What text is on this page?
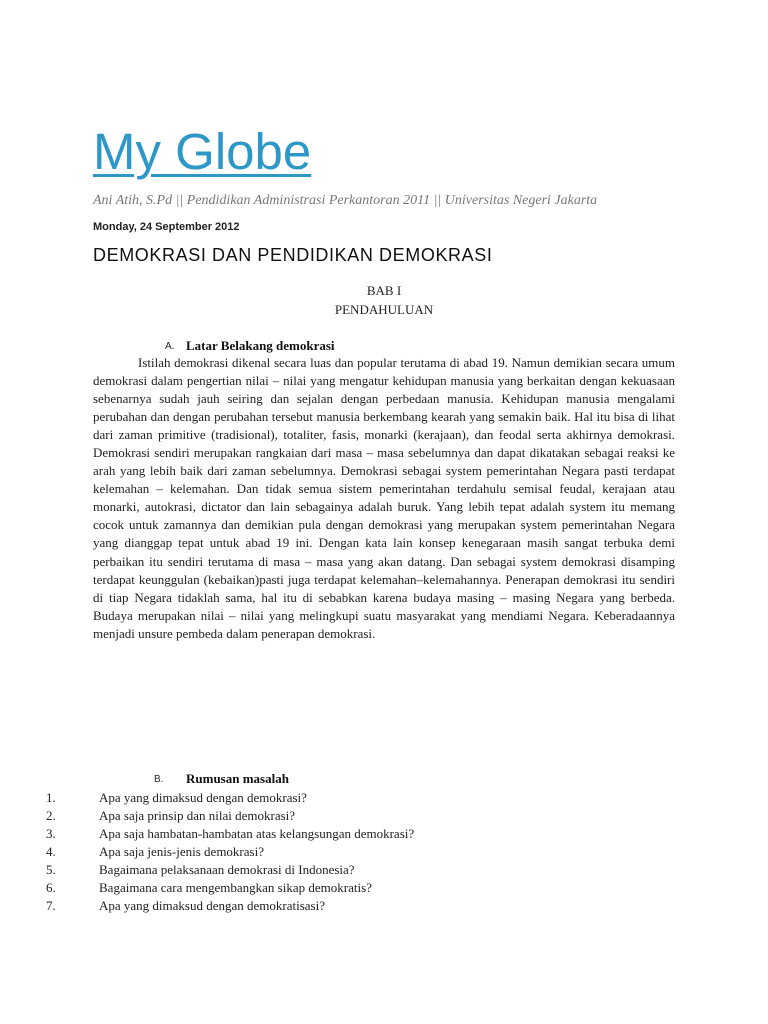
My Globe
Ani Atih, S.Pd || Pendidikan Administrasi Perkantoran 2011 || Universitas Negeri Jakarta
Monday, 24 September 2012
DEMOKRASI DAN PENDIDIKAN DEMOKRASI
BAB I
PENDAHULUAN
A. Latar Belakang demokrasi

Istilah demokrasi dikenal secara luas dan popular terutama di abad 19. Namun demikian secara umum demokrasi dalam pengertian nilai – nilai yang mengatur kehidupan manusia yang berkaitan dengan kekuasaan sebenarnya sudah jauh seiring dan sejalan dengan perbedaan manusia. Kehidupan manusia mengalami perubahan dan dengan perubahan tersebut manusia berkembang kearah yang semakin baik. Hal itu bisa di lihat dari zaman primitive (tradisional), totaliter, fasis, monarki (kerajaan), dan feodal serta akhirnya demokrasi. Demokrasi sendiri merupakan rangkaian dari masa – masa sebelumnya dan dapat dikatakan sebagai reaksi ke arah yang lebih baik dari zaman sebelumnya. Demokrasi sebagai system pemerintahan Negara pasti terdapat kelemahan – kelemahan. Dan tidak semua sistem pemerintahan terdahulu semisal feudal, kerajaan atau monarki, autokrasi, dictator dan lain sebagainya adalah buruk. Yang lebih tepat adalah system itu memang cocok untuk zamannya dan demikian pula dengan demokrasi yang merupakan system pemerintahan Negara yang dianggap tepat untuk abad 19 ini. Dengan kata lain konsep kenegaraan masih sangat terbuka demi perbaikan itu sendiri terutama di masa – masa yang akan datang. Dan sebagai system demokrasi disamping terdapat keunggulan (kebaikan)pasti juga terdapat kelemahan–kelemahannya. Penerapan demokrasi itu sendiri di tiap Negara tidaklah sama, hal itu di sebabkan karena budaya masing – masing Negara yang berbeda. Budaya merupakan nilai – nilai yang melingkupi suatu masyarakat yang mendiami Negara. Keberadaannya menjadi unsure pembeda dalam penerapan demokrasi.

B. Rumusan masalah
1.	Apa yang dimaksud dengan demokrasi?
2.	Apa saja prinsip dan nilai demokrasi?
3.	Apa saja hambatan-hambatan atas kelangsungan demokrasi?
4.	Apa saja jenis-jenis demokrasi?
5.	Bagaimana pelaksanaan demokrasi di Indonesia?
6.	Bagaimana cara mengembangkan sikap demokratis?
7.	Apa yang dimaksud dengan demokratisasi?
